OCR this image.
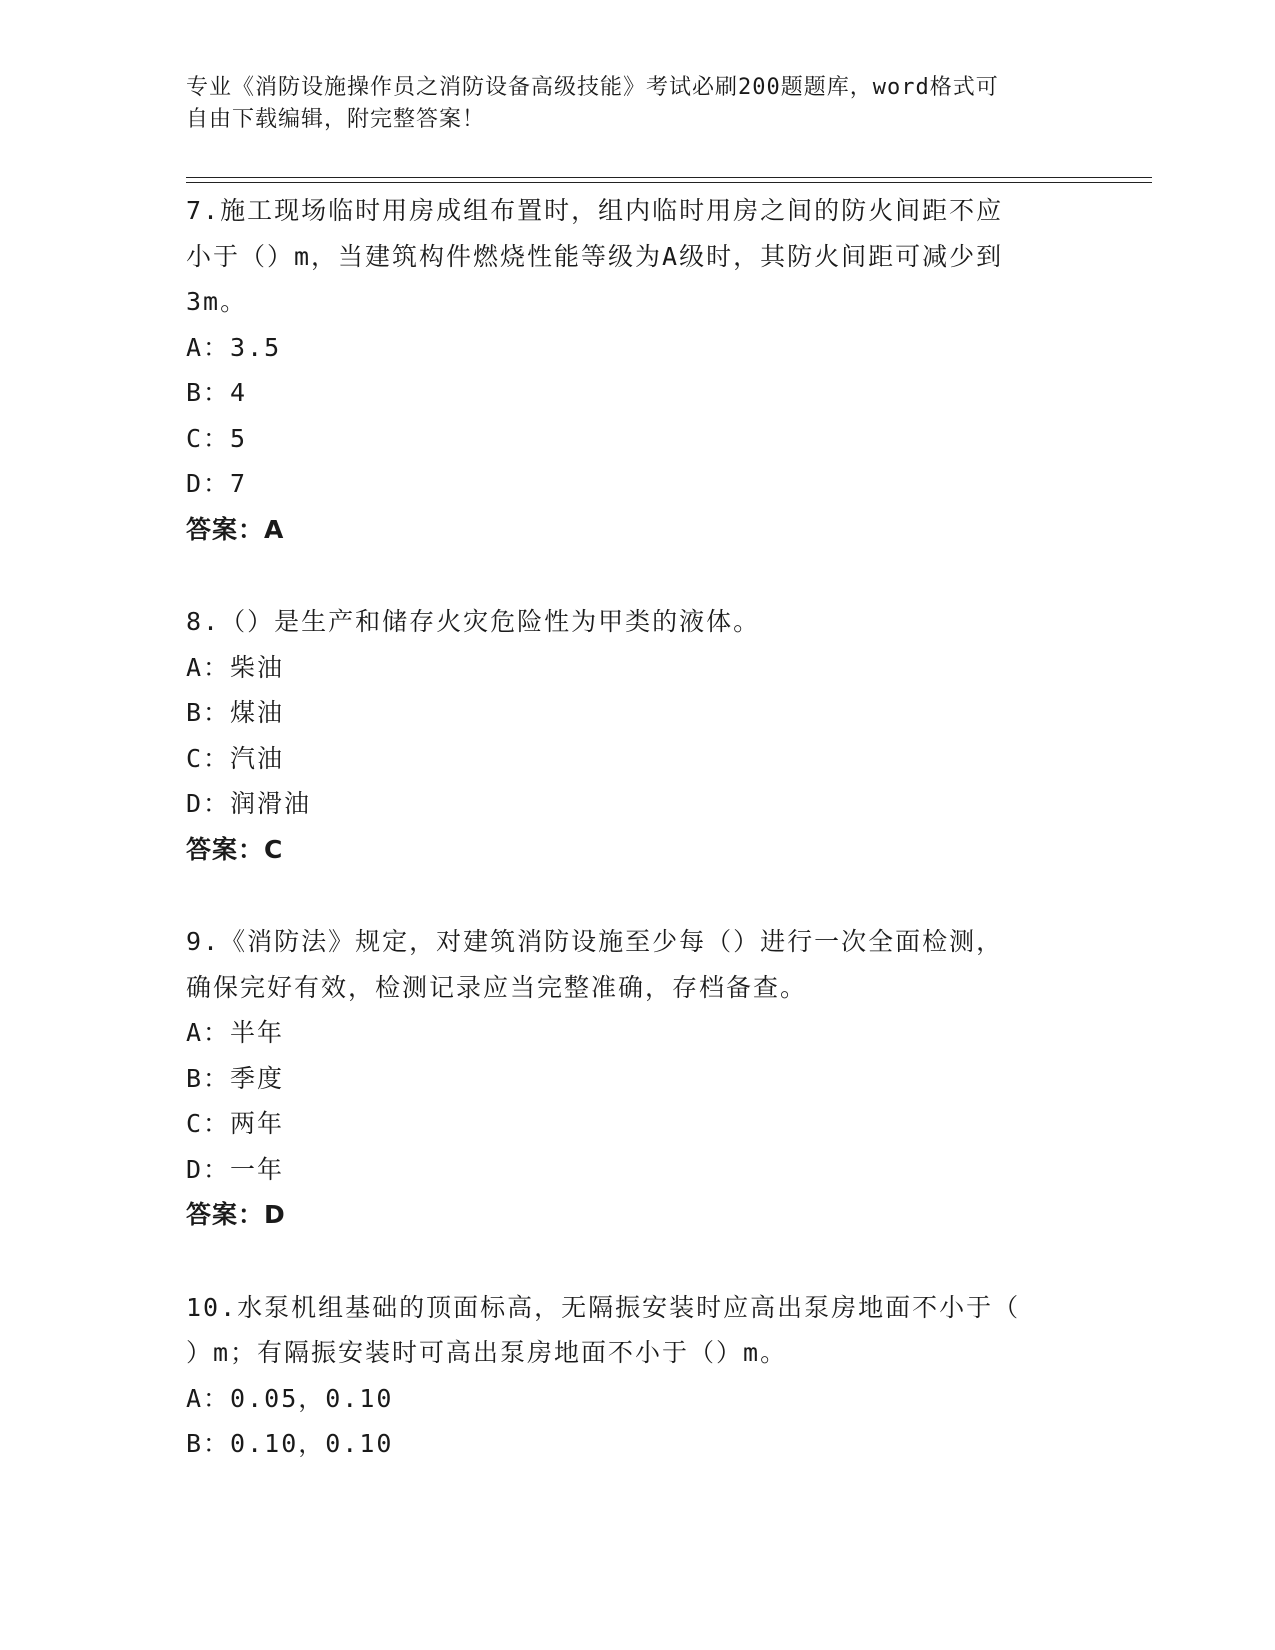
专业《消防设施操作员之消防设备高级技能》考试必刷200题题库，word格式可
自由下载编辑，附完整答案！
7.施工现场临时用房成组布置时，组内临时用房之间的防火间距不应
小于（）m，当建筑构件燃烧性能等级为A级时，其防火间距可减少到
3m。
A：3.5
B：4
C：5
D：7
答案：A
8.（）是生产和储存火灾危险性为甲类的液体。
A：柴油
B：煤油
C：汽油
D：润滑油
答案：C
9.《消防法》规定，对建筑消防设施至少每（）进行一次全面检测，
确保完好有效，检测记录应当完整准确，存档备查。
A：半年
B：季度
C：两年
D：一年
答案：D
10.水泵机组基础的顶面标高，无隔振安装时应高出泵房地面不小于（
）m；有隔振安装时可高出泵房地面不小于（）m。
A：0.05，0.10
B：0.10，0.10
